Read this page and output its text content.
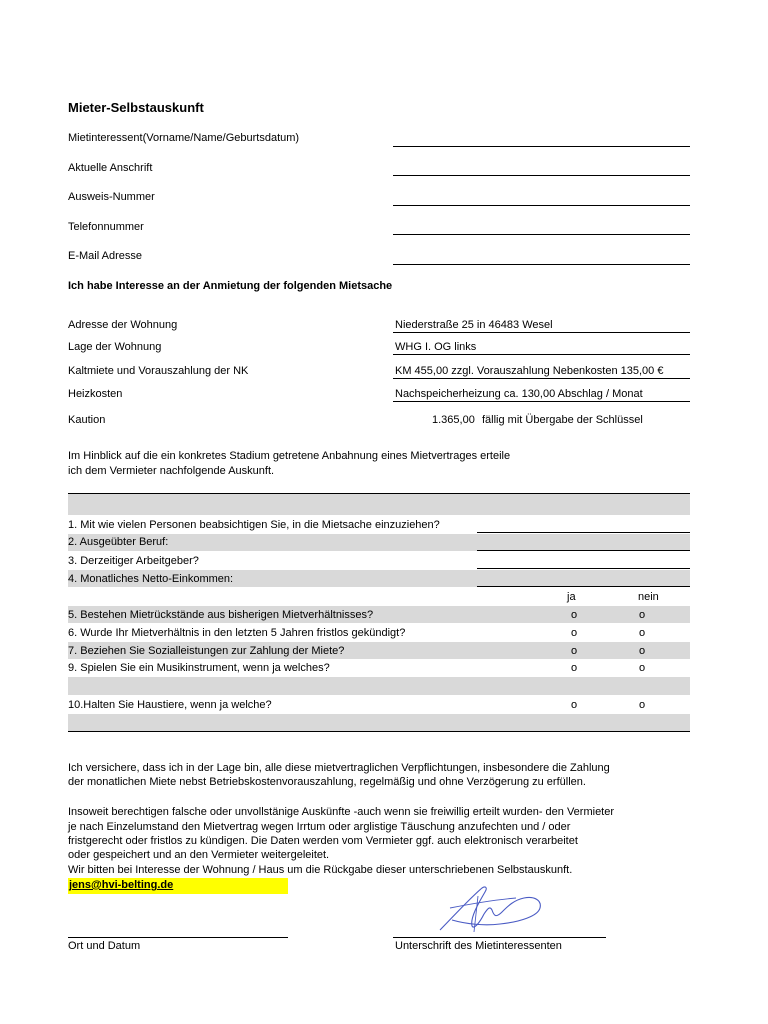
Mieter-Selbstauskunft
Mietinteressent(Vorname/Name/Geburtsdatum)
Aktuelle Anschrift
Ausweis-Nummer
Telefonnummer
E-Mail Adresse
Ich habe Interesse an der Anmietung der folgenden Mietsache
Adresse der Wohnung	Niederstraße 25 in 46483 Wesel
Lage der Wohnung	WHG I. OG links
Kaltmiete und Vorauszahlung der NK	KM 455,00 zzgl. Vorauszahlung Nebenkosten 135,00 €
Heizkosten	Nachspeicherheizung ca. 130,00 Abschlag / Monat
Kaution	1.365,00 fällig mit Übergabe der Schlüssel
Im Hinblick auf die ein konkretes Stadium getretene Anbahnung eines Mietvertrages erteile
ich dem Vermieter nachfolgende Auskunft.
1. Mit wie vielen Personen beabsichtigen Sie, in die Mietsache einzuziehen?
2. Ausgeübter Beruf:
3. Derzeitiger Arbeitgeber?
4. Monatliches Netto-Einkommen:
ja	nein
5. Bestehen Mietrückstände aus bisherigen Mietverhältnisses?	o	o
6. Wurde Ihr Mietverhältnis in den letzten 5 Jahren fristlos gekündigt?	o	o
7. Beziehen Sie Sozialleistungen zur Zahlung der Miete?	o	o
9. Spielen Sie ein Musikinstrument, wenn ja welches?	o	o
10.Halten Sie Haustiere, wenn ja welche?	o	o
Ich versichere, dass ich in der Lage bin, alle diese mietvertraglichen Verpflichtungen, insbesondere die Zahlung
der monatlichen Miete nebst Betriebskostenvorauszahlung, regelmäßig und ohne Verzögerung zu erfüllen.
Insoweit berechtigen falsche oder unvollstänige Auskünfte -auch wenn sie freiwillig erteilt wurden- den Vermieter
je nach Einzelumstand den Mietvertrag wegen Irrtum oder arglistige Täuschung anzufechten und / oder
fristgerecht oder fristlos zu kündigen. Die Daten werden vom Vermieter ggf. auch elektronisch verarbeitet
oder gespeichert und an den Vermieter weitergeleitet.
Wir bitten bei Interesse der Wohnung / Haus um die Rückgabe dieser unterschriebenen Selbstauskunft.
jens@hvi-belting.de
Ort und Datum	Unterschrift des Mietinteressenten
